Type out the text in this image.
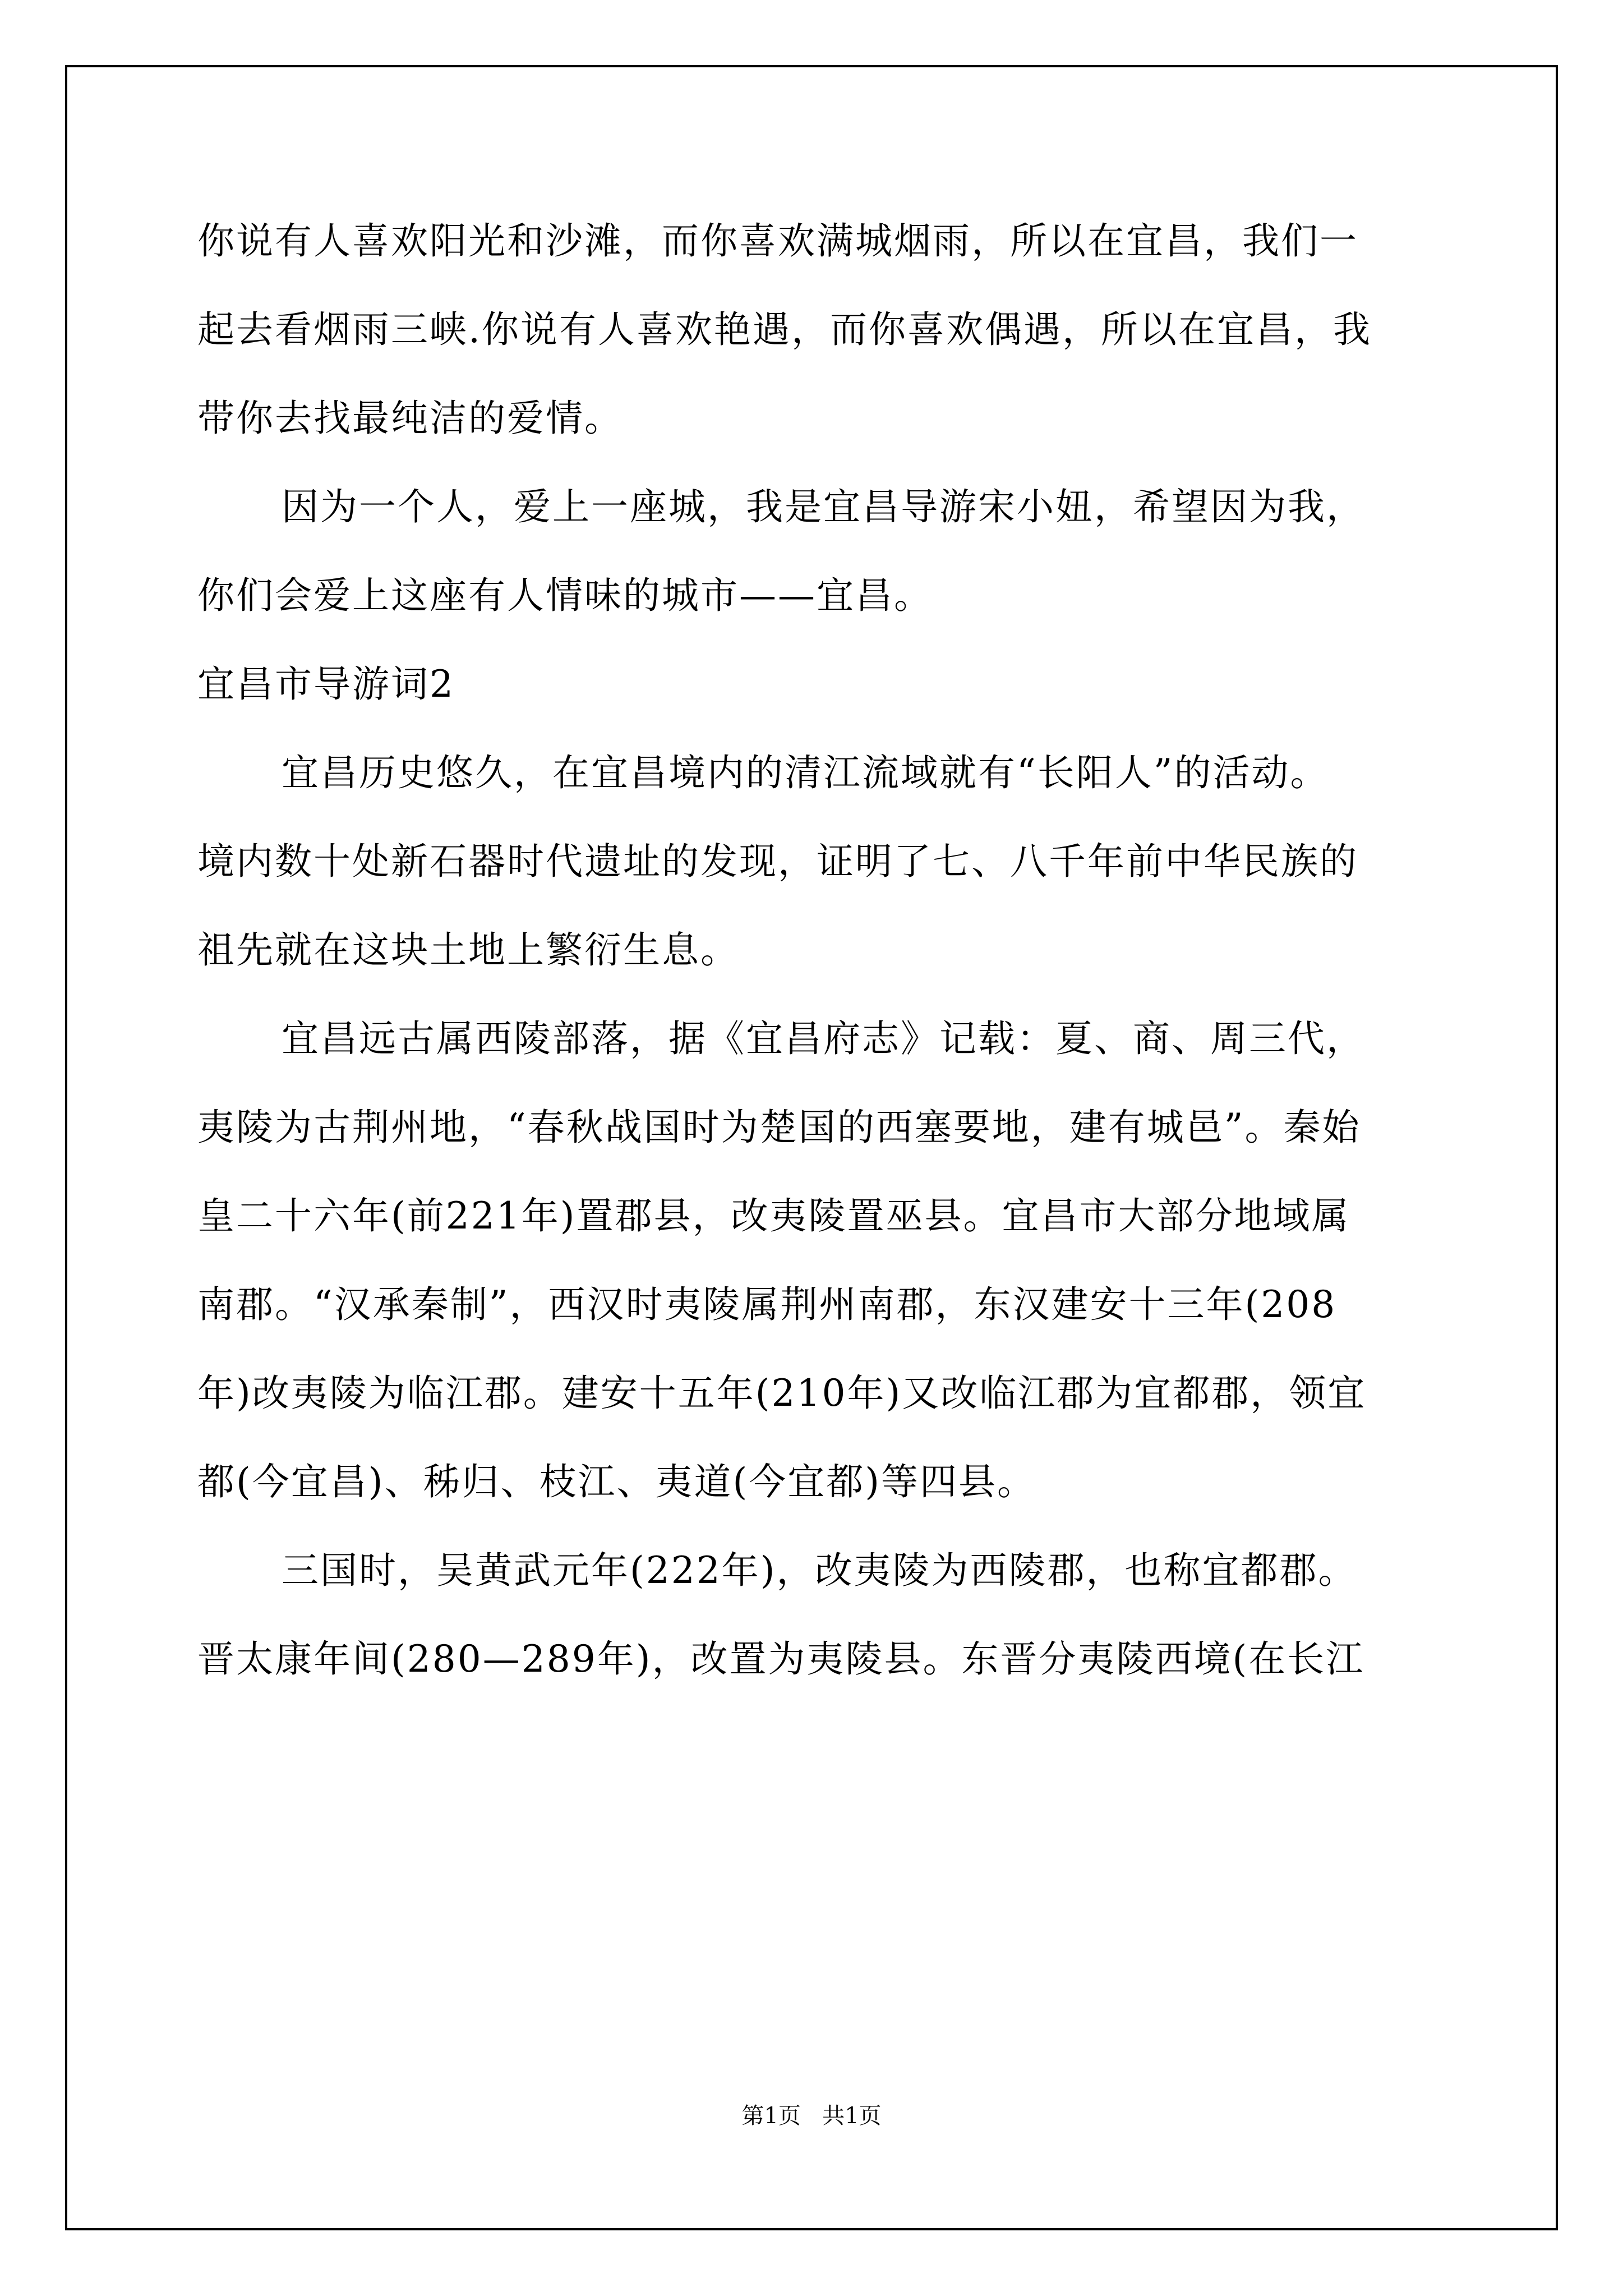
你说有人喜欢阳光和沙滩，而你喜欢满城烟雨，所以在宜昌，我们一
起去看烟雨三峡.你说有人喜欢艳遇，而你喜欢偶遇，所以在宜昌，我
带你去找最纯洁的爱情。
因为一个人，爱上一座城，我是宜昌导游宋小妞，希望因为我，
你们会爱上这座有人情味的城市——宜昌。
宜昌市导游词2
宜昌历史悠久，在宜昌境内的清江流域就有“长阳人”的活动。
境内数十处新石器时代遗址的发现，证明了七、八千年前中华民族的
祖先就在这块土地上繁衍生息。
宜昌远古属西陵部落，据《宜昌府志》记载：夏、商、周三代，
夷陵为古荆州地，“春秋战国时为楚国的西塞要地，建有城邑”。秦始
皇二十六年(前221年)置郡县，改夷陵置巫县。宜昌市大部分地域属
南郡。“汉承秦制”，西汉时夷陵属荆州南郡，东汉建安十三年(208
年)改夷陵为临江郡。建安十五年(210年)又改临江郡为宜都郡，领宜
都(今宜昌)、秭归、枝江、夷道(今宜都)等四县。
三国时，吴黄武元年(222年)，改夷陵为西陵郡，也称宜都郡。
晋太康年间(280—289年)，改置为夷陵县。东晋分夷陵西境(在长江
第1页 共1页
